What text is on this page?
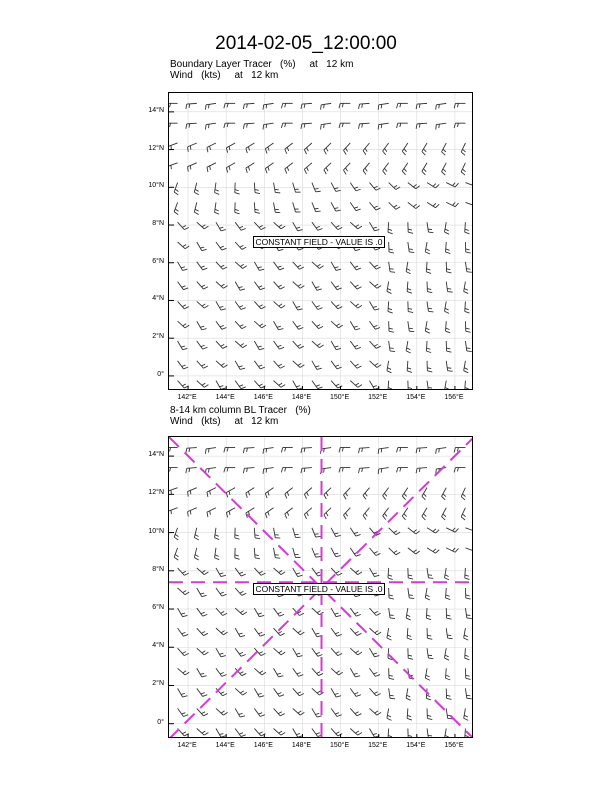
2014-02-05_12:00:00
Boundary Layer Tracer   (%)     at   12 km
Wind   (kts)     at   12 km
CONSTANT FIELD - VALUE IS .0
0°
2°N
4°N
6°N
8°N
10°N
12°N
14°N
142°E	144°E	146°E	148°E	150°E	152°E	154°E	156°E
8-14 km column BL Tracer   (%)
Wind   (kts)     at   12 km
CONSTANT FIELD - VALUE IS .0
0°
2°N
4°N
6°N
8°N
10°N
12°N
14°N
142°E	144°E	146°E	148°E	150°E	152°E	154°E	156°E
